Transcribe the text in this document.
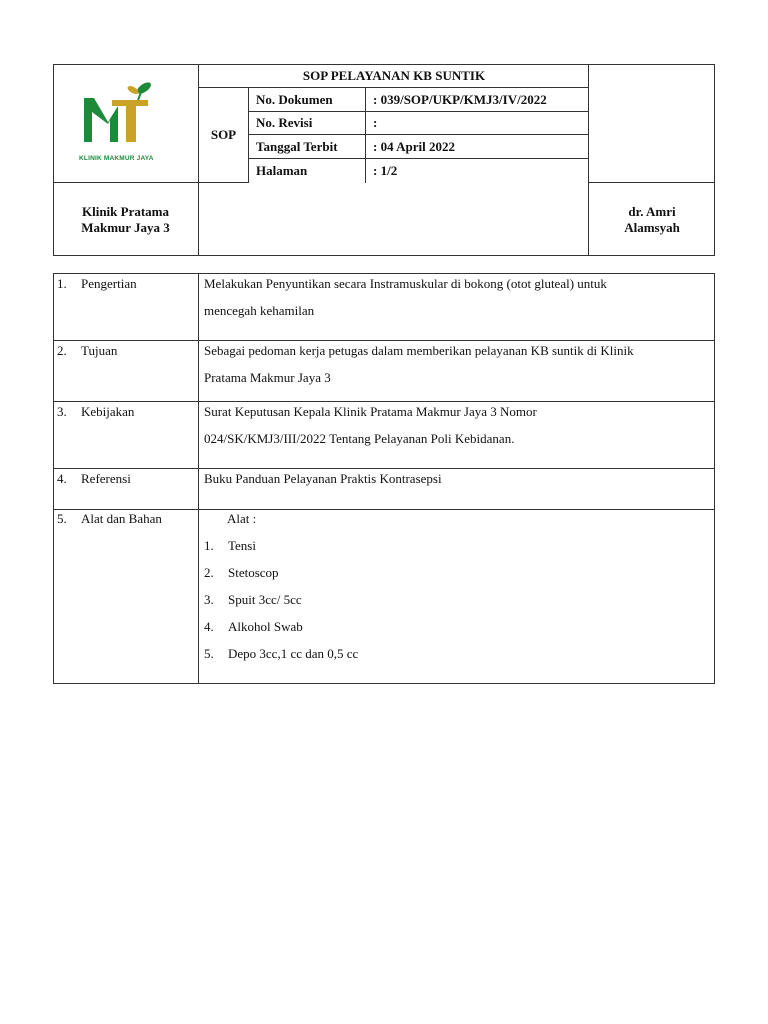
KLINIK MAKMUR JAYA
SOP PELAYANAN KB SUNTIK
SOP
No. Dokumen	: 039/SOP/UKP/KMJ3/IV/2022
No. Revisi	:
Tanggal Terbit	: 04 April 2022
Halaman	: 1/2
Klinik Pratama
Makmur Jaya 3
dr. Amri
Alamsyah
1. Pengertian	Melakukan Penyuntikan secara Instramuskular di bokong (otot gluteal) untuk
mencegah kehamilan
2. Tujuan	Sebagai pedoman kerja petugas dalam memberikan pelayanan KB suntik di Klinik
Pratama Makmur Jaya 3
3. Kebijakan	Surat Keputusan Kepala Klinik Pratama Makmur Jaya 3 Nomor
024/SK/KMJ3/III/2022 Tentang Pelayanan Poli Kebidanan.
4. Referensi	Buku Panduan Pelayanan Praktis Kontrasepsi
5. Alat dan Bahan	Alat :
1. Tensi
2. Stetoscop
3. Spuit 3cc/ 5cc
4. Alkohol Swab
5. Depo 3cc,1 cc dan 0,5 cc
